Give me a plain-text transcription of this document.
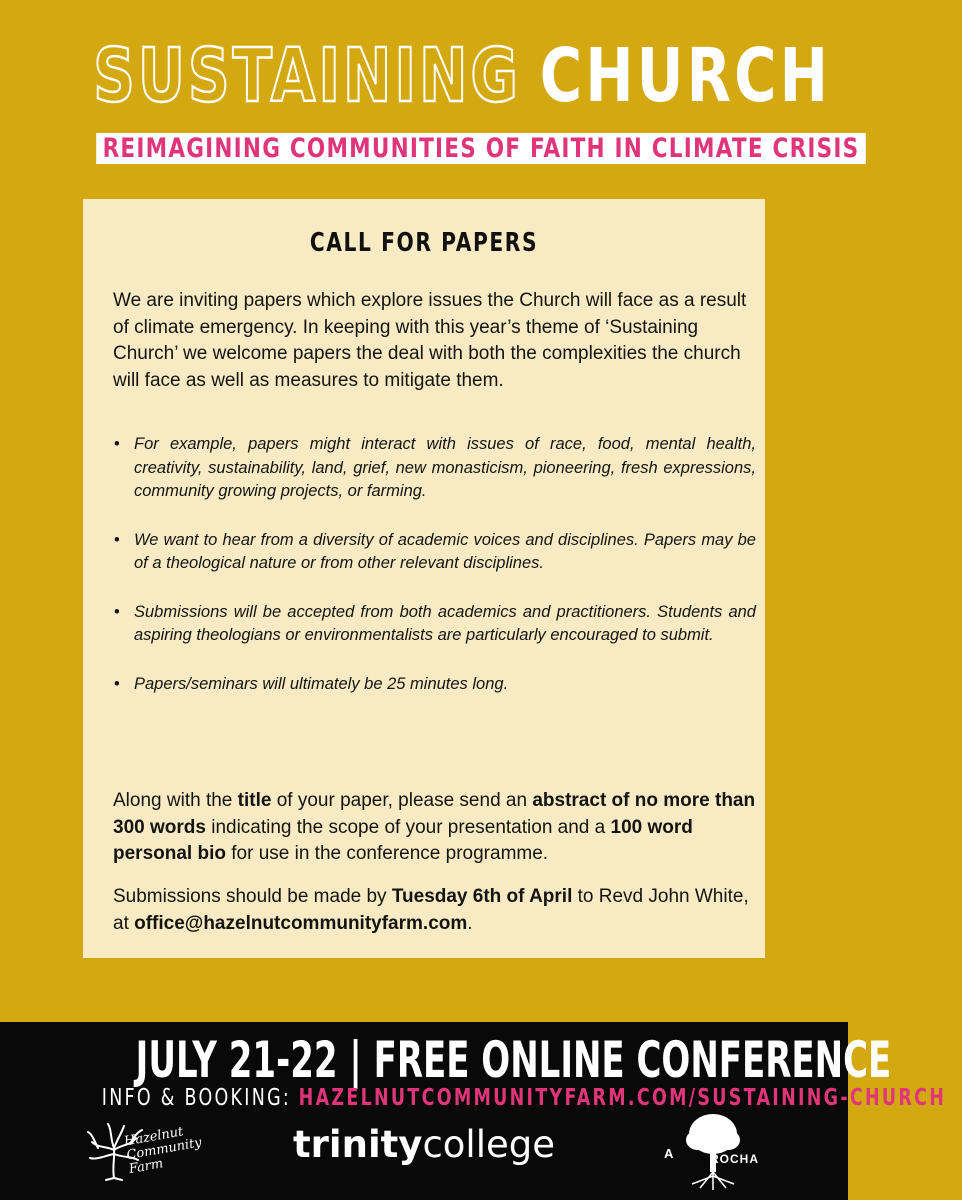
SUSTAINING CHURCH
REIMAGINING COMMUNITIES OF FAITH IN CLIMATE CRISIS
CALL FOR PAPERS

We are inviting papers which explore issues the Church will face as a result of climate emergency. In keeping with this year’s theme of ‘Sustaining Church’ we welcome papers the deal with both the complexities the church will face as well as measures to mitigate them.

• For example, papers might interact with issues of race, food, mental health, creativity, sustainability, land, grief, new monasticism, pioneering, fresh expressions, community growing projects, or farming.
• We want to hear from a diversity of academic voices and disciplines. Papers may be of a theological nature or from other relevant disciplines.
• Submissions will be accepted from both academics and practitioners. Students and aspiring theologians or environmentalists are particularly encouraged to submit.
• Papers/seminars will ultimately be 25 minutes long.

Along with the title of your paper, please send an abstract of no more than 300 words indicating the scope of your presentation and a 100 word personal bio for use in the conference programme.

Submissions should be made by Tuesday 6th of April to Revd John White, at office@hazelnutcommunityfarm.com.

JULY 21-22 | FREE ONLINE CONFERENCE
INFO & BOOKING: HAZELNUTCOMMUNITYFARM.COM/SUSTAINING-CHURCH
Hazelnut Community Farm
trinitycollege	A	ROCHA
